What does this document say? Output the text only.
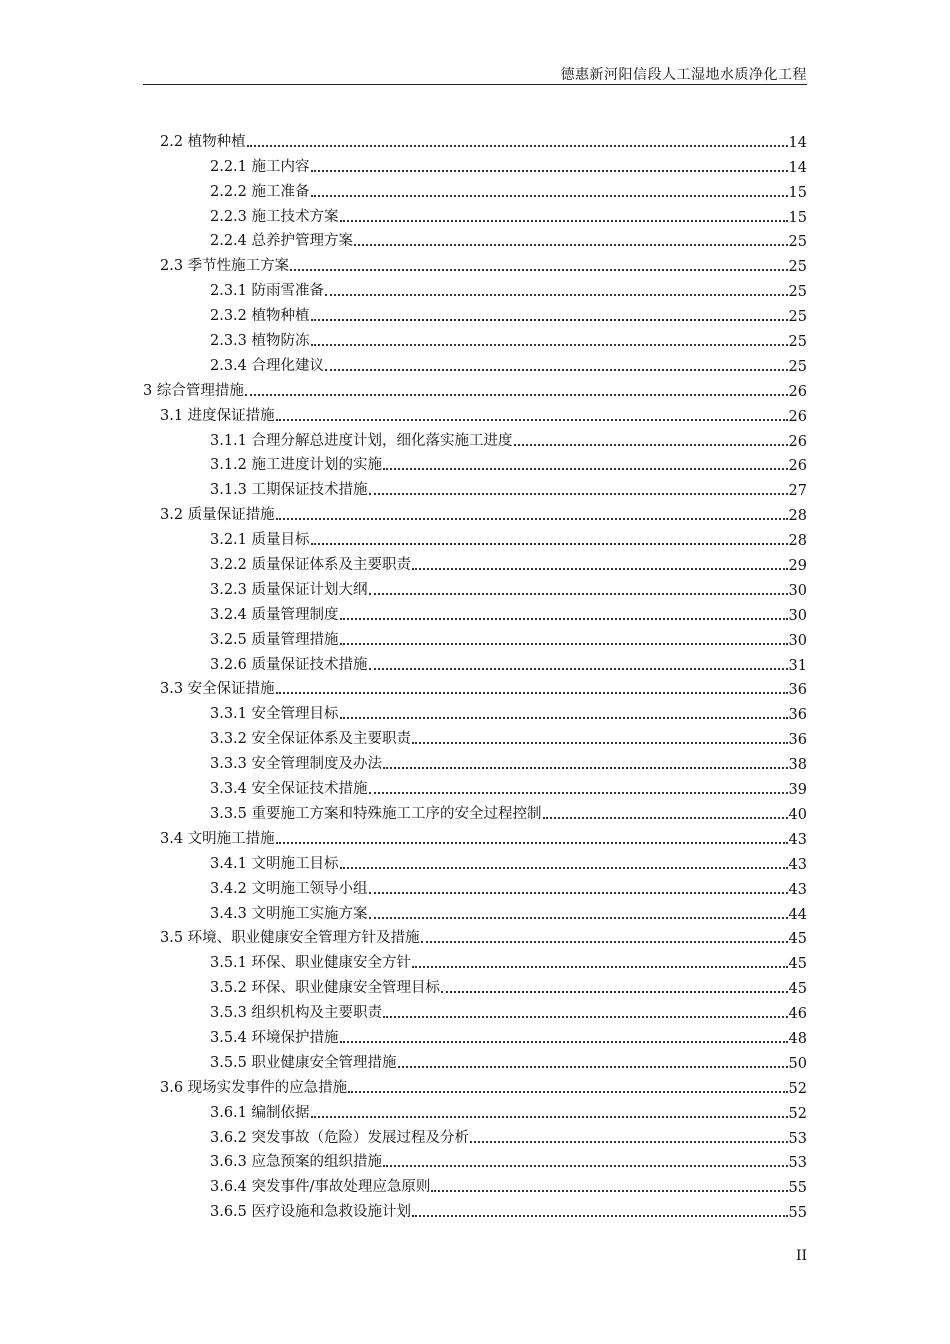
德惠新河阳信段人工湿地水质净化工程
2.2 植物种植	14
2.2.1 施工内容	14
2.2.2 施工准备	15
2.2.3 施工技术方案	15
2.2.4 总养护管理方案	25
2.3 季节性施工方案	25
2.3.1 防雨雪准备	25
2.3.2 植物种植	25
2.3.3 植物防冻	25
2.3.4 合理化建议	25
3 综合管理措施	26
3.1 进度保证措施	26
3.1.1 合理分解总进度计划，细化落实施工进度	26
3.1.2 施工进度计划的实施	26
3.1.3 工期保证技术措施	27
3.2 质量保证措施	28
3.2.1 质量目标	28
3.2.2 质量保证体系及主要职责	29
3.2.3 质量保证计划大纲	30
3.2.4 质量管理制度	30
3.2.5 质量管理措施	30
3.2.6 质量保证技术措施	31
3.3 安全保证措施	36
3.3.1 安全管理目标	36
3.3.2 安全保证体系及主要职责	36
3.3.3 安全管理制度及办法	38
3.3.4 安全保证技术措施	39
3.3.5 重要施工方案和特殊施工工序的安全过程控制	40
3.4 文明施工措施	43
3.4.1 文明施工目标	43
3.4.2 文明施工领导小组	43
3.4.3 文明施工实施方案	44
3.5 环境、职业健康安全管理方针及措施	45
3.5.1 环保、职业健康安全方针	45
3.5.2 环保、职业健康安全管理目标	45
3.5.3 组织机构及主要职责	46
3.5.4 环境保护措施	48
3.5.5 职业健康安全管理措施	50
3.6 现场实发事件的应急措施	52
3.6.1 编制依据	52
3.6.2 突发事故（危险）发展过程及分析	53
3.6.3 应急预案的组织措施	53
3.6.4 突发事件/事故处理应急原则	55
3.6.5 医疗设施和急救设施计划	55
II
